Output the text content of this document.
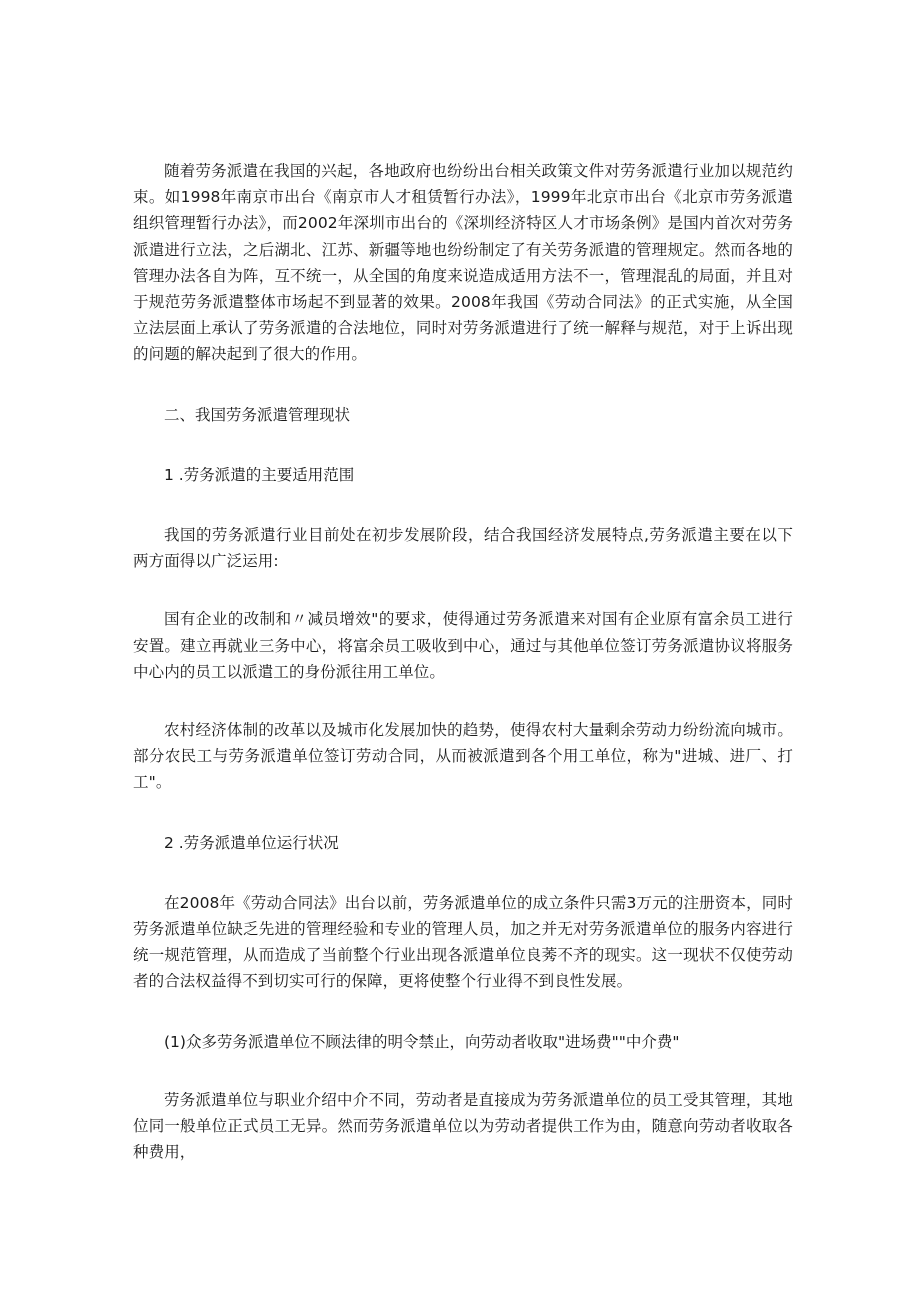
随着劳务派遣在我国的兴起，各地政府也纷纷出台相关政策文件对劳务派遣行业加以规范约束。如1998年南京市出台《南京市人才租赁暂行办法》，1999年北京市出台《北京市劳务派遣组织管理暂行办法》，而2002年深圳市出台的《深圳经济特区人才市场条例》是国内首次对劳务派遣进行立法，之后湖北、江苏、新疆等地也纷纷制定了有关劳务派遣的管理规定。然而各地的管理办法各自为阵，互不统一，从全国的角度来说造成适用方法不一，管理混乱的局面，并且对于规范劳务派遣整体市场起不到显著的效果。2008年我国《劳动合同法》的正式实施，从全国立法层面上承认了劳务派遣的合法地位，同时对劳务派遣进行了统一解释与规范，对于上诉出现的问题的解决起到了很大的作用。

二、我国劳务派遣管理现状

1 .劳务派遣的主要适用范围

我国的劳务派遣行业目前处在初步发展阶段，结合我国经济发展特点,劳务派遣主要在以下两方面得以广泛运用:

国有企业的改制和〃减员增效"的要求，使得通过劳务派遣来对国有企业原有富余员工进行安置。建立再就业三务中心，将富余员工吸收到中心，通过与其他单位签订劳务派遣协议将服务中心内的员工以派遣工的身份派往用工单位。

农村经济体制的改革以及城市化发展加快的趋势，使得农村大量剩余劳动力纷纷流向城市。部分农民工与劳务派遣单位签订劳动合同，从而被派遣到各个用工单位，称为"进城、进厂、打工"。

2 .劳务派遣单位运行状况

在2008年《劳动合同法》出台以前，劳务派遣单位的成立条件只需3万元的注册资本，同时劳务派遣单位缺乏先进的管理经验和专业的管理人员，加之并无对劳务派遣单位的服务内容进行统一规范管理，从而造成了当前整个行业出现各派遣单位良莠不齐的现实。这一现状不仅使劳动者的合法权益得不到切实可行的保障，更将使整个行业得不到良性发展。

(1)众多劳务派遣单位不顾法律的明令禁止，向劳动者收取"进场费""中介费"

劳务派遣单位与职业介绍中介不同，劳动者是直接成为劳务派遣单位的员工受其管理，其地位同一般单位正式员工无异。然而劳务派遣单位以为劳动者提供工作为由，随意向劳动者收取各种费用，
